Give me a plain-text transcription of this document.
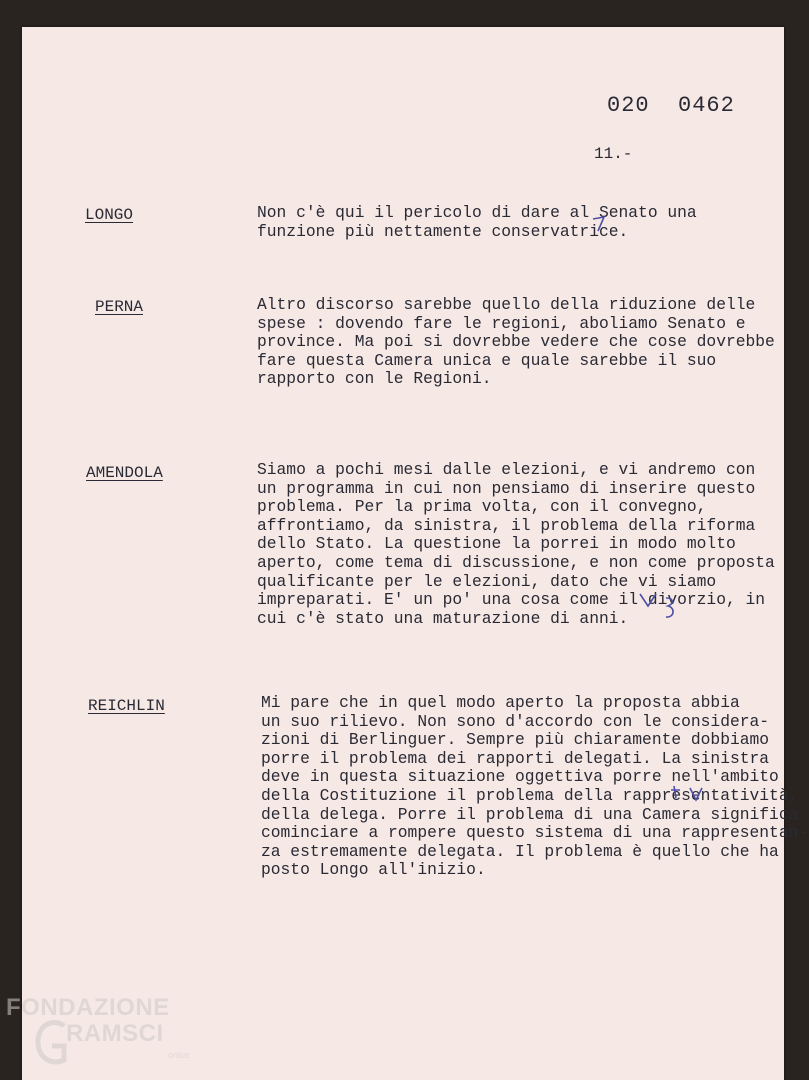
020  0462
11.-
LONGO	Non c'è qui il pericolo di dare al Senato una
funzione più nettamente conservatrice.
PERNA	Altro discorso sarebbe quello della riduzione delle
spese : dovendo fare le regioni, aboliamo Senato e
province. Ma poi si dovrebbe vedere che cose dovrebbe
fare questa Camera unica e quale sarebbe il suo
rapporto con le Regioni.
AMENDOLA	Siamo a pochi mesi dalle elezioni, e vi andremo con
un programma in cui non pensiamo di inserire questo
problema. Per la prima volta, con il convegno,
affrontiamo, da sinistra, il problema della riforma
dello Stato. La questione la porrei in modo molto
aperto, come tema di discussione, e non come proposta
qualificante per le elezioni, dato che vi siamo
impreparati. E' un po' una cosa come il divorzio, in
cui c'è stato una maturazione di anni.
REICHLIN	Mi pare che in quel modo aperto la proposta abbia
un suo rilievo. Non sono d'accordo con le considera-
zioni di Berlinguer. Sempre più chiaramente dobbiamo
porre il problema dei rapporti delegati. La sinistra
deve in questa situazione oggettiva porre nell'ambito
della Costituzione il problema della rappresentatività,
della delega. Porre il problema di una Camera significa
cominciare a rompere questo sistema di una rappresentan-
za estremamente delegata. Il problema è quello che ha
posto Longo all'inizio.
FONDAZIONE
RAMSCI
onlus
